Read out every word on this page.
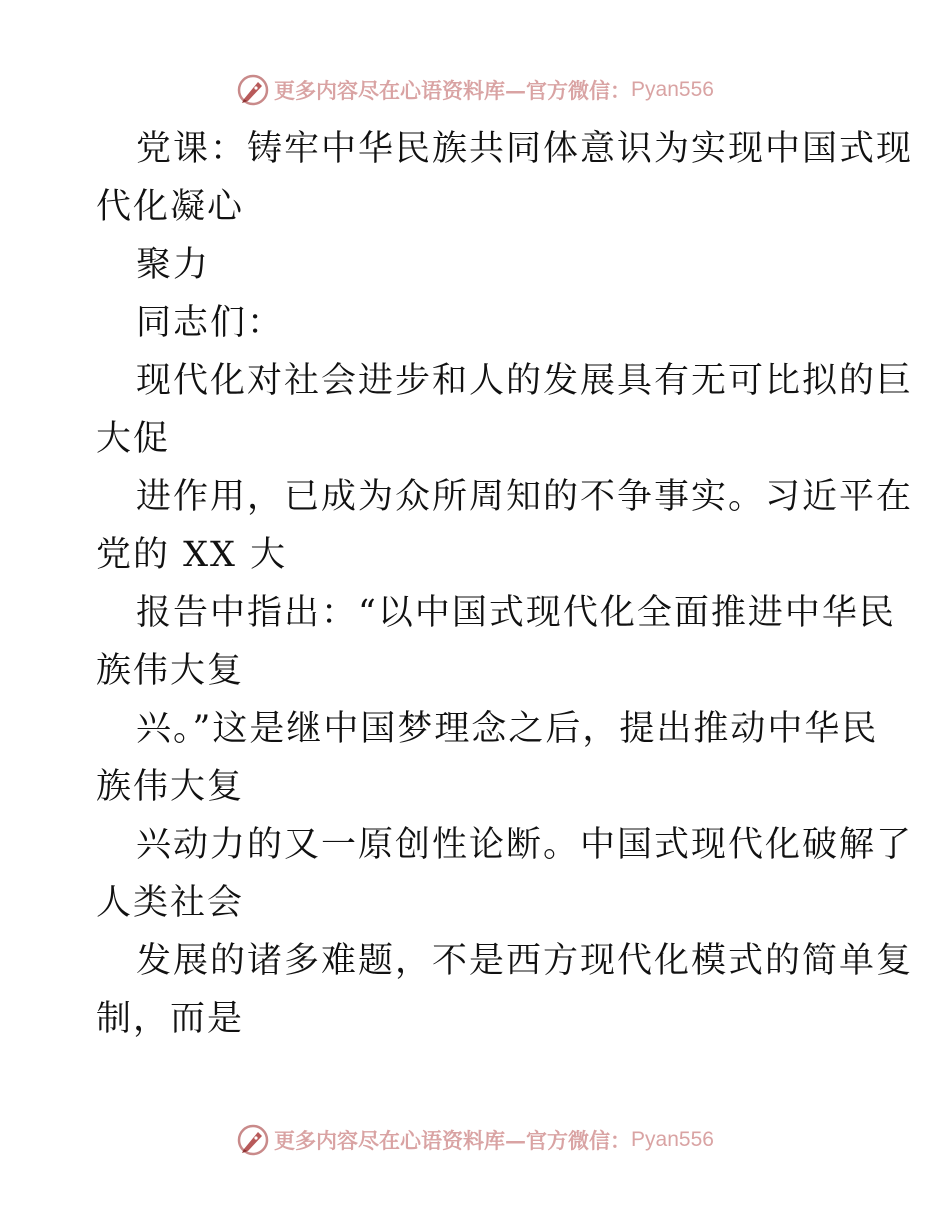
更多内容尽在心语资料库—官方微信： Pyan556
党课：铸牢中华民族共同体意识为实现中国式现
代化凝心
聚力
同志们：
现代化对社会进步和人的发展具有无可比拟的巨
大促
进作用，已成为众所周知的不争事实。习近平在
党的 XX 大
报告中指出：“以中国式现代化全面推进中华民
族伟大复
兴。”这是继中国梦理念之后，提出推动中华民
族伟大复
兴动力的又一原创性论断。中国式现代化破解了
人类社会
发展的诸多难题，不是西方现代化模式的简单复
制，而是
更多内容尽在心语资料库—官方微信： Pyan556
